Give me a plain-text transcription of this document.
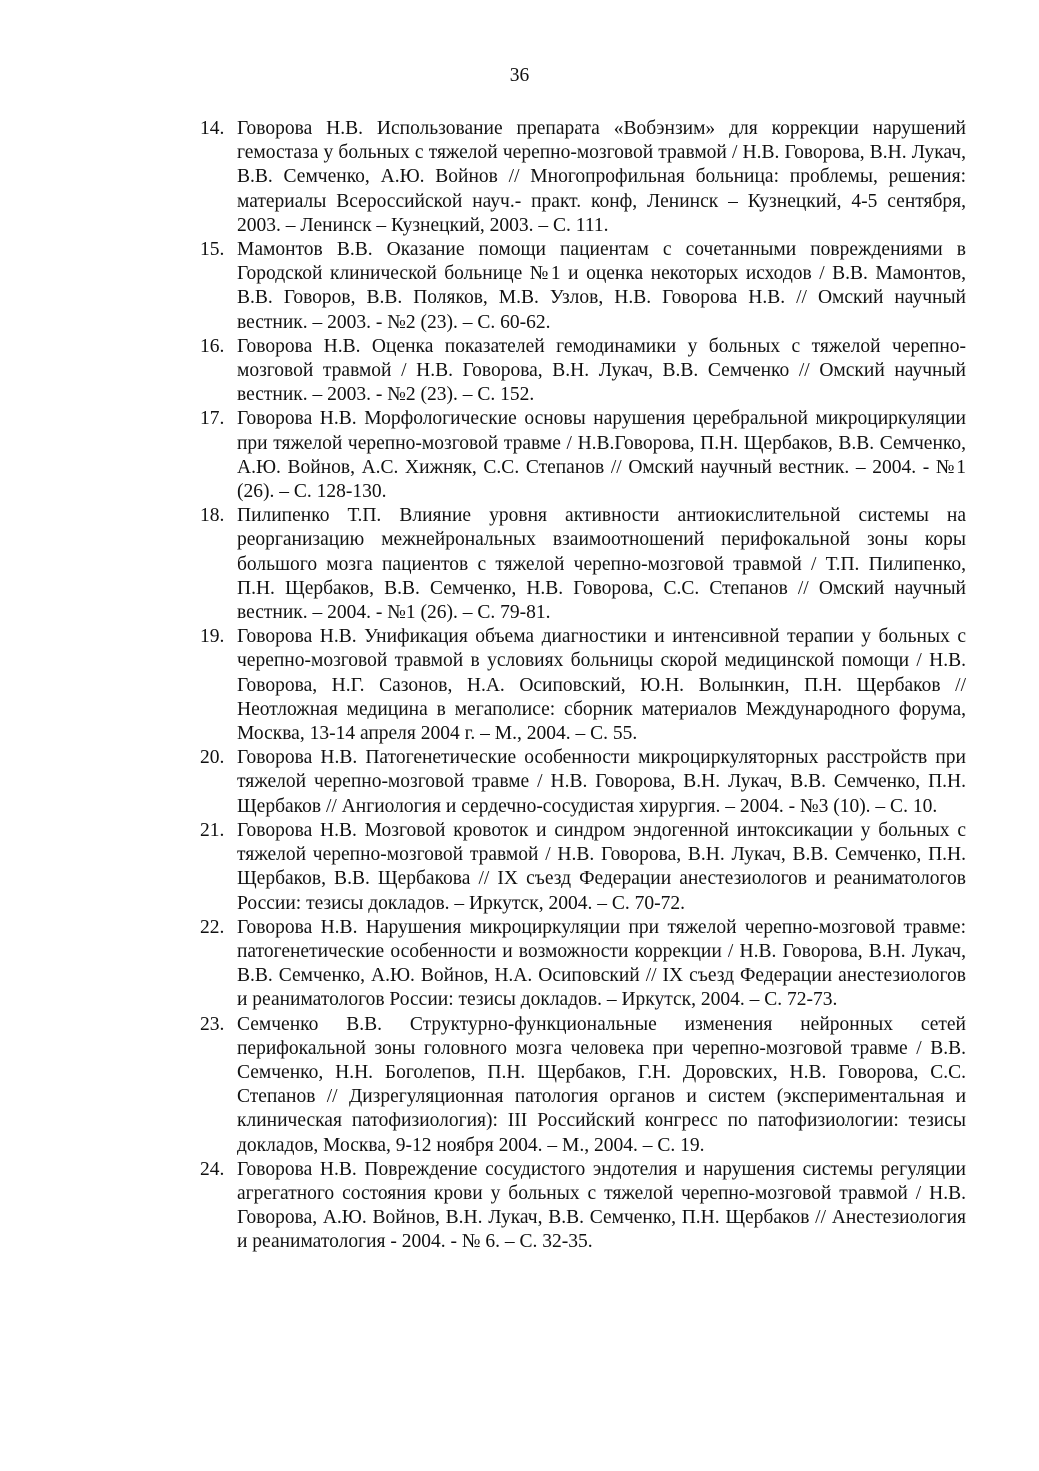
36

14. Говорова Н.В. Использование препарата «Вобэнзим» для коррекции нарушений гемостаза у больных с тяжелой черепно-мозговой травмой / Н.В. Говорова, В.Н. Лукач, В.В. Семченко, А.Ю. Войнов // Многопрофильная больница: проблемы, решения: материалы Всероссийской науч.- практ. конф, Ленинск – Кузнецкий, 4-5 сентября, 2003. – Ленинск – Кузнецкий, 2003. – С. 111.
15. Мамонтов В.В. Оказание помощи пациентам с сочетанными повреждениями в Городской клинической больнице №1 и оценка некоторых исходов / В.В. Мамонтов, В.В. Говоров, В.В. Поляков, М.В. Узлов, Н.В. Говорова Н.В. // Омский научный вестник. – 2003. - №2 (23). – С. 60-62.
16. Говорова Н.В. Оценка показателей гемодинамики у больных с тяжелой черепно-мозговой травмой / Н.В. Говорова, В.Н. Лукач, В.В. Семченко // Омский научный вестник. – 2003. - №2 (23). – С. 152.
17. Говорова Н.В. Морфологические основы нарушения церебральной микроциркуляции при тяжелой черепно-мозговой травме / Н.В.Говорова, П.Н. Щербаков, В.В. Семченко, А.Ю. Войнов, А.С. Хижняк, С.С. Степанов // Омский научный вестник. – 2004. - №1 (26). – С. 128-130.
18. Пилипенко Т.П. Влияние уровня активности антиокислительной системы на реорганизацию межнейрональных взаимоотношений перифокальной зоны коры большого мозга пациентов с тяжелой черепно-мозговой травмой / Т.П. Пилипенко, П.Н. Щербаков, В.В. Семченко, Н.В. Говорова, С.С. Степанов // Омский научный вестник. – 2004. - №1 (26). – С. 79-81.
19. Говорова Н.В. Унификация объема диагностики и интенсивной терапии у больных с черепно-мозговой травмой в условиях больницы скорой медицинской помощи / Н.В. Говорова, Н.Г. Сазонов, Н.А. Осиповский, Ю.Н. Волынкин, П.Н. Щербаков // Неотложная медицина в мегаполисе: сборник материалов Международного форума, Москва, 13-14 апреля 2004 г. – М., 2004. – С. 55.
20. Говорова Н.В. Патогенетические особенности микроциркуляторных расстройств при тяжелой черепно-мозговой травме / Н.В. Говорова, В.Н. Лукач, В.В. Семченко, П.Н. Щербаков // Ангиология и сердечно-сосудистая хирургия. – 2004. - №3 (10). – С. 10.
21. Говорова Н.В. Мозговой кровоток и синдром эндогенной интоксикации у больных с тяжелой черепно-мозговой травмой / Н.В. Говорова, В.Н. Лукач, В.В. Семченко, П.Н. Щербаков, В.В. Щербакова // IX съезд Федерации анестезиологов и реаниматологов России: тезисы докладов. – Иркутск, 2004. – С. 70-72.
22. Говорова Н.В. Нарушения микроциркуляции при тяжелой черепно-мозговой травме: патогенетические особенности и возможности коррекции / Н.В. Говорова, В.Н. Лукач, В.В. Семченко, А.Ю. Войнов, Н.А. Осиповский // IX съезд Федерации анестезиологов и реаниматологов России: тезисы докладов. – Иркутск, 2004. – С. 72-73.
23. Семченко В.В. Структурно-функциональные изменения нейронных сетей перифокальной зоны головного мозга человека при черепно-мозговой травме / В.В. Семченко, Н.Н. Боголепов, П.Н. Щербаков, Г.Н. Доровских, Н.В. Говорова, С.С. Степанов // Дизрегуляционная патология органов и систем (экспериментальная и клиническая патофизиология): III Российский конгресс по патофизиологии: тезисы докладов, Москва, 9-12 ноября 2004. – М., 2004. – С. 19.
24. Говорова Н.В. Повреждение сосудистого эндотелия и нарушения системы регуляции агрегатного состояния крови у больных с тяжелой черепно-мозговой травмой / Н.В. Говорова, А.Ю. Войнов, В.Н. Лукач, В.В. Семченко, П.Н. Щербаков // Анестезиология и реаниматология - 2004. - № 6. – С. 32-35.
